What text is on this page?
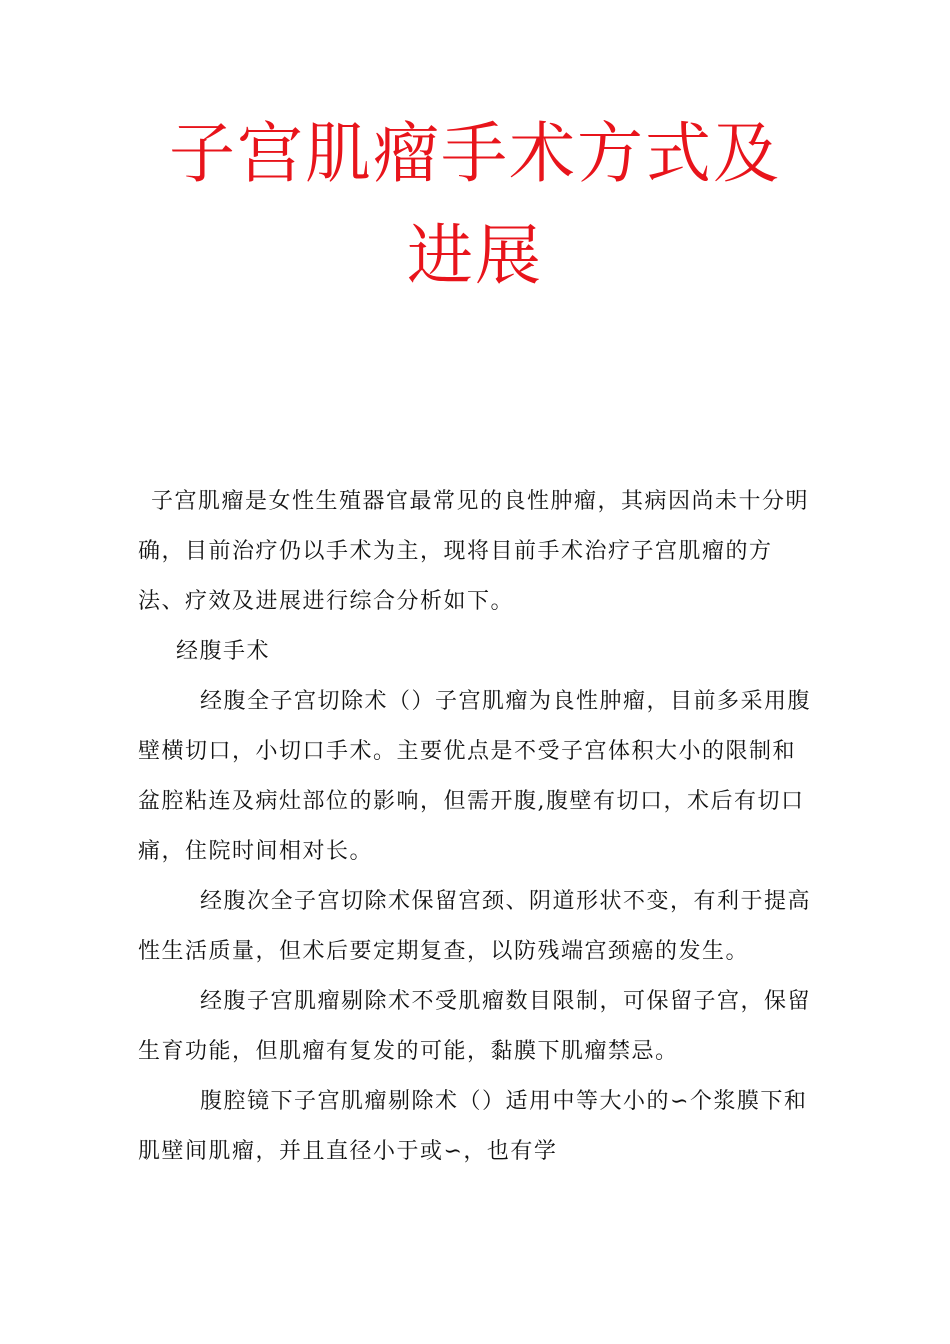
子宫肌瘤手术方式及
进展

子宫肌瘤是女性生殖器官最常见的良性肿瘤，其病因尚未十分明确，目前治疗仍以手术为主，现将目前手术治疗子宫肌瘤的方法、疗效及进展进行综合分析如下。

经腹手术

经腹全子宫切除术（）子宫肌瘤为良性肿瘤，目前多采用腹壁横切口，小切口手术。主要优点是不受子宫体积大小的限制和盆腔粘连及病灶部位的影响，但需开腹,腹壁有切口，术后有切口痛，住院时间相对长。

经腹次全子宫切除术保留宫颈、阴道形状不变，有利于提高性生活质量，但术后要定期复查，以防残端宫颈癌的发生。

经腹子宫肌瘤剔除术不受肌瘤数目限制，可保留子宫，保留生育功能，但肌瘤有复发的可能，黏膜下肌瘤禁忌。

腹腔镜下子宫肌瘤剔除术（）适用中等大小的∽个浆膜下和肌壁间肌瘤，并且直径小于或∽，也有学
